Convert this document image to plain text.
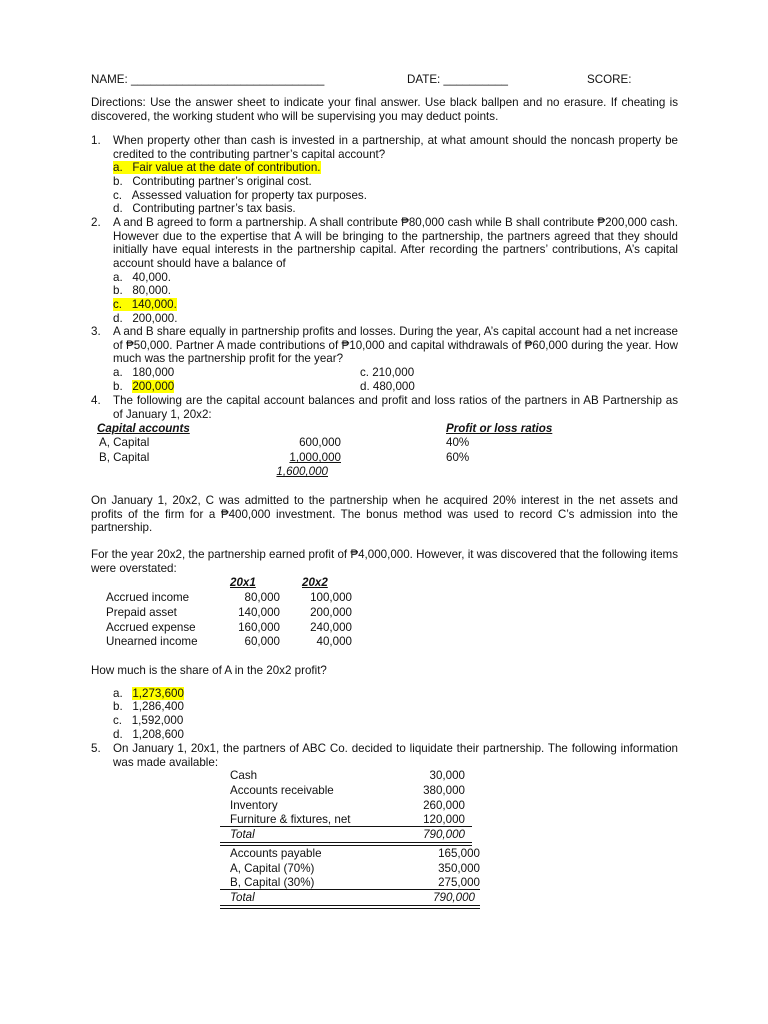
NAME: ______________________________	DATE: __________	SCORE:
Directions: Use the answer sheet to indicate your final answer. Use black ballpen and no erasure. If cheating is discovered, the working student who will be supervising you may deduct points.
1. When property other than cash is invested in a partnership, at what amount should the noncash property be credited to the contributing partner’s capital account?
a. Fair value at the date of contribution.
b. Contributing partner’s original cost.
c. Assessed valuation for property tax purposes.
d. Contributing partner’s tax basis.
2. A and B agreed to form a partnership. A shall contribute ₱80,000 cash while B shall contribute ₱200,000 cash. However due to the expertise that A will be bringing to the partnership, the partners agreed that they should initially have equal interests in the partnership capital. After recording the partners’ contributions, A’s capital account should have a balance of
a. 40,000.
b. 80,000.
c. 140,000.
d. 200,000.
3. A and B share equally in partnership profits and losses. During the year, A’s capital account had a net increase of ₱50,000. Partner A made contributions of ₱10,000 and capital withdrawals of ₱60,000 during the year. How much was the partnership profit for the year?
a. 180,000
b. 200,000
c. 210,000
d. 480,000
4. The following are the capital account balances and profit and loss ratios of the partners in AB Partnership as of January 1, 20x2:
Capital accounts	Profit or loss ratios
A, Capital	600,000	40%
B, Capital	1,000,000	60%
1,600,000
On January 1, 20x2, C was admitted to the partnership when he acquired 20% interest in the net assets and profits of the firm for a ₱400,000 investment. The bonus method was used to record C’s admission into the partnership.
For the year 20x2, the partnership earned profit of ₱4,000,000. However, it was discovered that the following items were overstated:
20x1	20x2
Accrued income	80,000	100,000
Prepaid asset	140,000	200,000
Accrued expense	160,000	240,000
Unearned income	60,000	40,000
How much is the share of A in the 20x2 profit?
a. 1,273,600
b. 1,286,400
c. 1,592,000
d. 1,208,600
5. On January 1, 20x1, the partners of ABC Co. decided to liquidate their partnership. The following information was made available:
Cash	30,000
Accounts receivable	380,000
Inventory	260,000
Furniture & fixtures, net	120,000
Total	790,000
Accounts payable	165,000
A, Capital (70%)	350,000
B, Capital (30%)	275,000
Total	790,000
